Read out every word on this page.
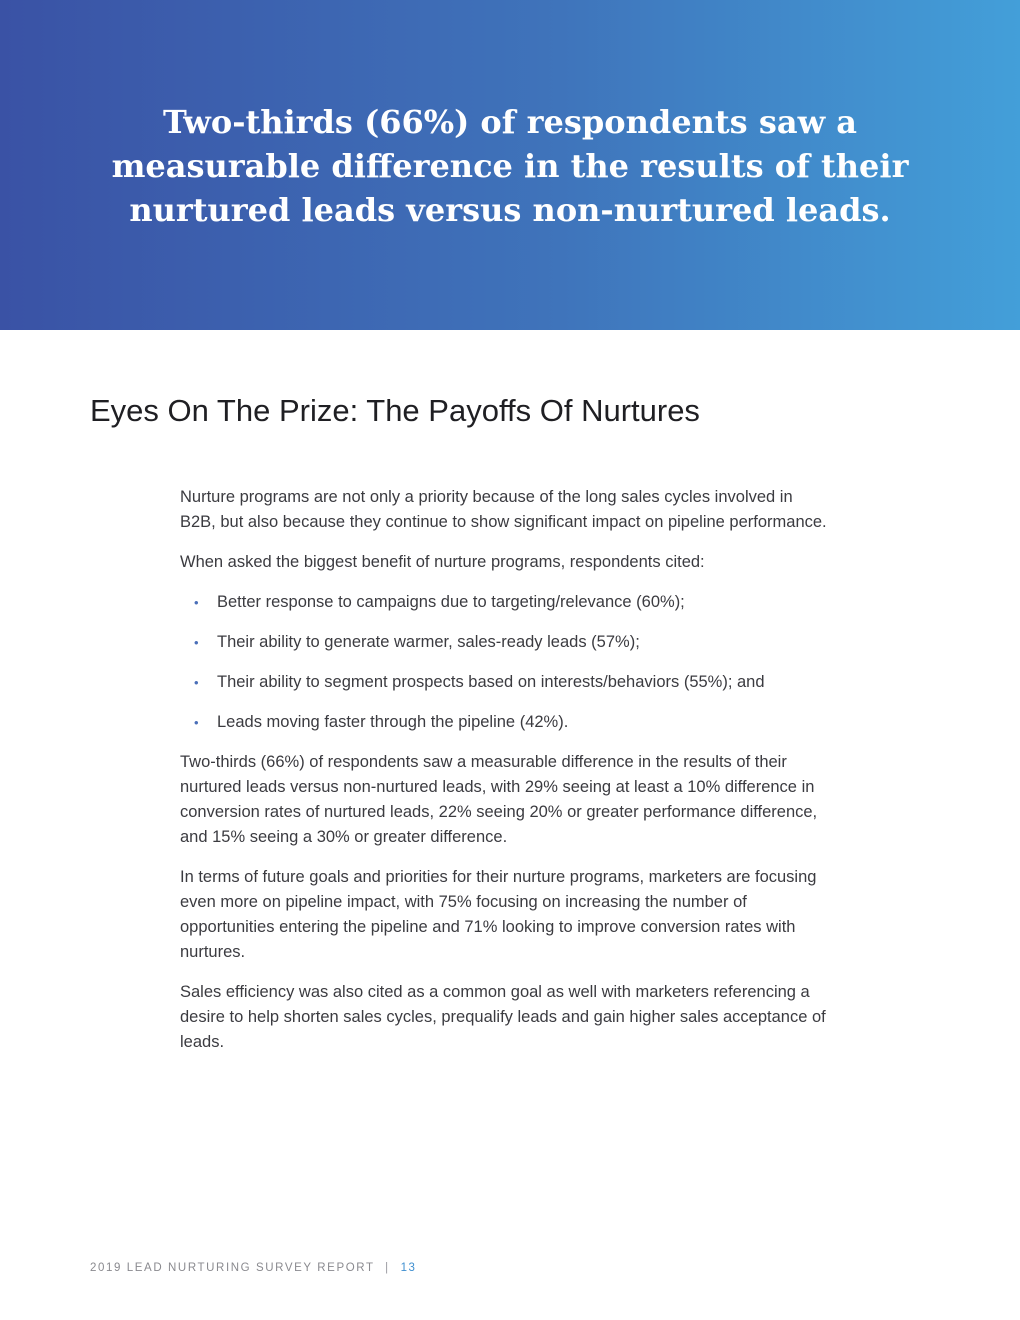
Two-thirds (66%) of respondents saw a measurable difference in the results of their nurtured leads versus non-nurtured leads.

Eyes On The Prize: The Payoffs Of Nurtures

Nurture programs are not only a priority because of the long sales cycles involved in B2B, but also because they continue to show significant impact on pipeline performance.

When asked the biggest benefit of nurture programs, respondents cited:

• Better response to campaigns due to targeting/relevance (60%);
• Their ability to generate warmer, sales-ready leads (57%);
• Their ability to segment prospects based on interests/behaviors (55%); and
• Leads moving faster through the pipeline (42%).

Two-thirds (66%) of respondents saw a measurable difference in the results of their nurtured leads versus non-nurtured leads, with 29% seeing at least a 10% difference in conversion rates of nurtured leads, 22% seeing 20% or greater performance difference, and 15% seeing a 30% or greater difference.

In terms of future goals and priorities for their nurture programs, marketers are focusing even more on pipeline impact, with 75% focusing on increasing the number of opportunities entering the pipeline and 71% looking to improve conversion rates with nurtures.

Sales efficiency was also cited as a common goal as well with marketers referencing a desire to help shorten sales cycles, prequalify leads and gain higher sales acceptance of leads.

2019 LEAD NURTURING SURVEY REPORT | 13
